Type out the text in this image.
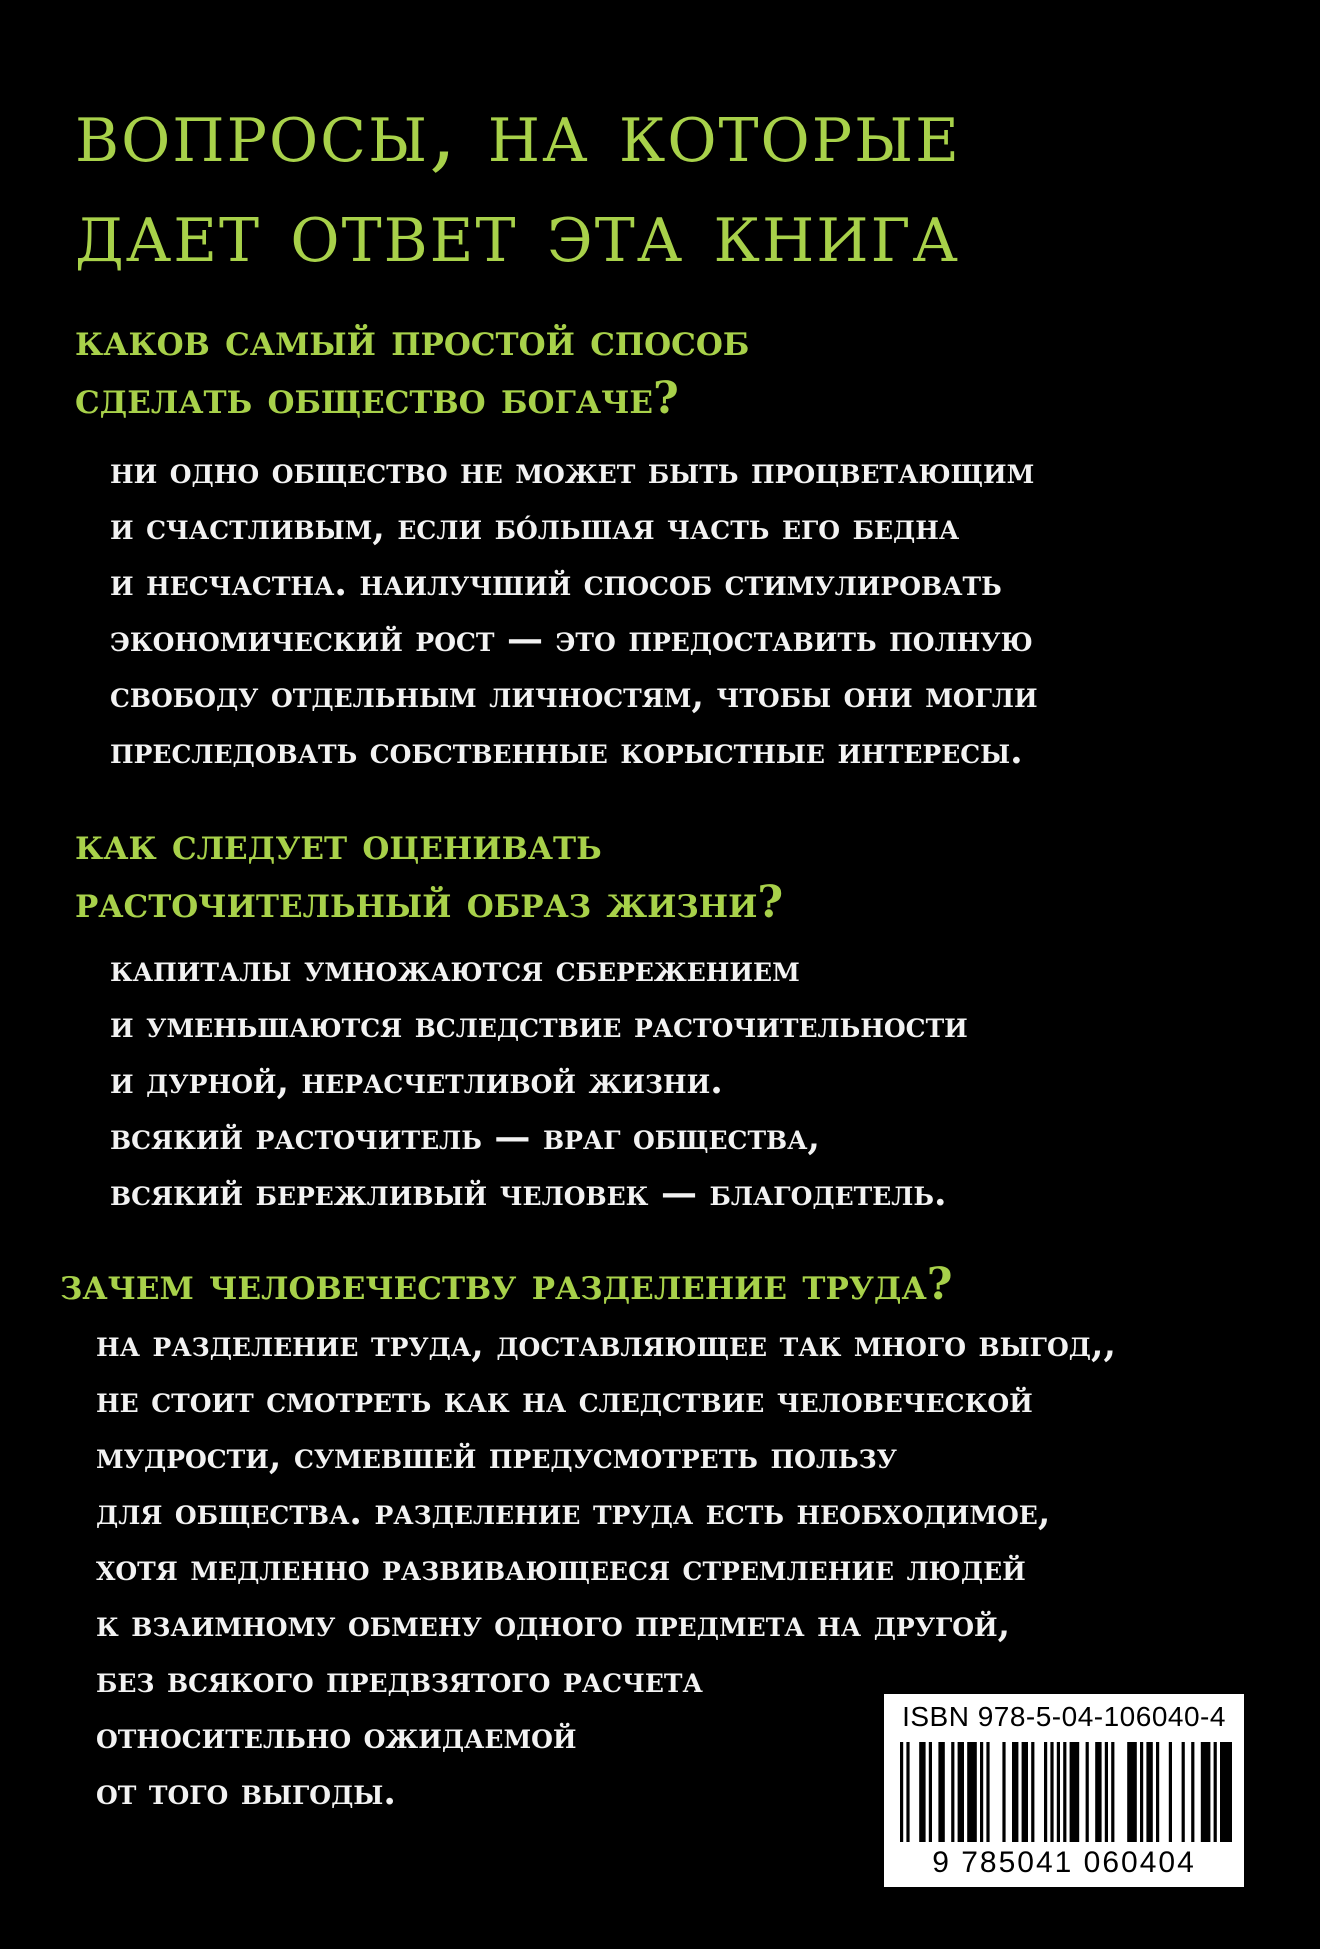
вопросы, на которые
дает ответ эта книга
каков самый простой способ
сделать общество богаче?
ни одно общество не может быть процветающим
и счастливым, если бóльшая часть его бедна
и несчастна. наилучший способ стимулировать
экономический рост — это предоставить полную
свободу отдельным личностям, чтобы они могли
преследовать собственные корыстные интересы.
как следует оценивать
расточительный образ жизни?
капиталы умножаются сбережением
и уменьшаются вследствие расточительности
и дурной, нерасчетливой жизни.
всякий расточитель — враг общества,
всякий бережливый человек — благодетель.
зачем человечеству разделение труда?
на разделение труда, доставляющее так много выгод,,
не стоит смотреть как на следствие человеческой
мудрости, сумевшей предусмотреть пользу
для общества. разделение труда есть необходимое,
хотя медленно развивающееся стремление людей
к взаимному обмену одного предмета на другой,
без всякого предвзятого расчета
относительно ожидаемой
от того выгоды.
ISBN 978-5-04-106040-4
9 785041 060404
